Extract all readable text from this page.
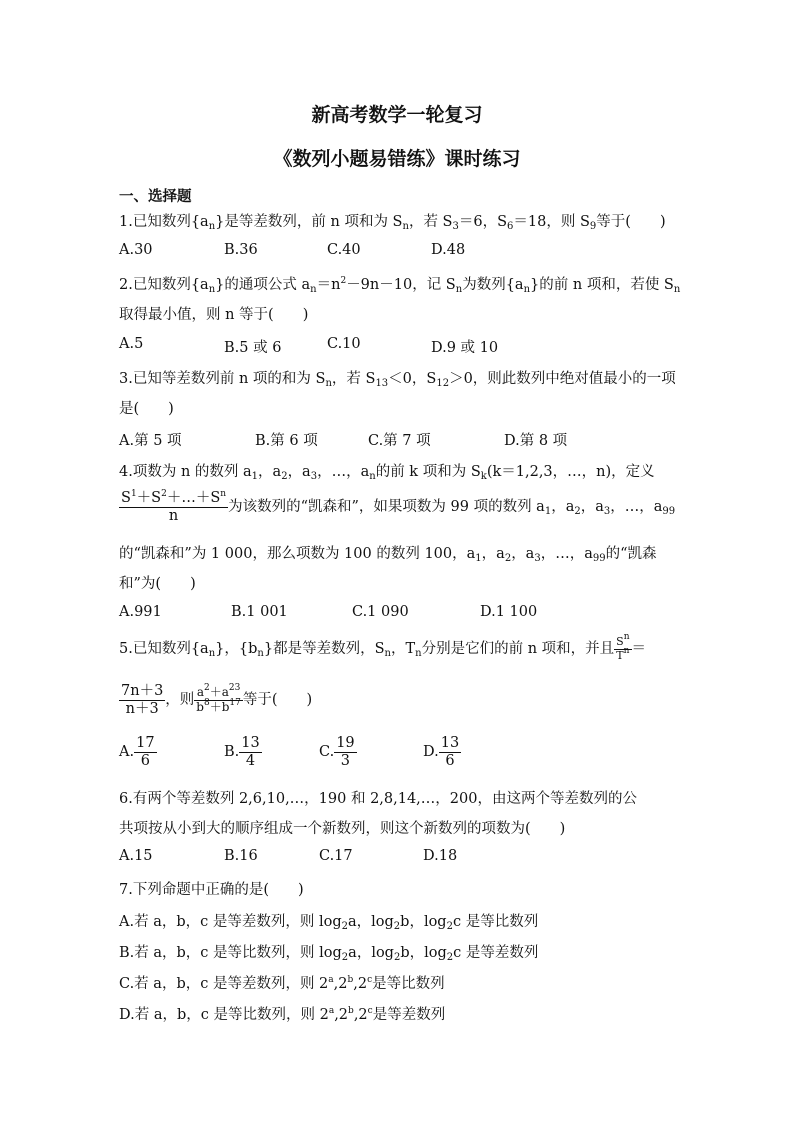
新高考数学一轮复习
《数列小题易错练》课时练习
一、选择题
1.已知数列$\{a_n\}$是等差数列，前 n 项和为 $S_n$，若 $S_3=6$，$S_6=18$，则 $S_9$等于(　　)
A.30	B.36	C.40	D.48
2.已知数列$\{a_n\}$的通项公式 $a_n=n^2-9n-10$，记 $S_n$为数列$\{a_n\}$的前 n 项和，若使 $S_n$
取得最小值，则 n 等于(　　)
A.5	B.5 或 6	C.10	D.9 或 10
3.已知等差数列前 n 项的和为 $S_n$，若 $S_{13}<0$，$S_{12}>0$，则此数列中绝对值最小的一项
是(　　)
A.第 5 项	B.第 6 项	C.第 7 项	D.第 8 项
4.项数为 n 的数列 $a_1$，$a_2$，$a_3$，…，$a_n$的前 k 项和为 $S_k(k=1,2,3$，…，n)，定义
$\frac{S^1+S^2+\dots+S^n}{n}$ 为该数列的“凯森和”，如果项数为 99 项的数列 $a_1$，$a_2$，$a_3$，…，$a_{99}$
的“凯森和”为 1 000，那么项数为 100 的数列 100，$a_1$，$a_2$，$a_3$，…，$a_{99}$的“凯森
和”为(　　)
A.991	B.1 001	C.1 090	D.1 100
5.已知数列$\{a_n\}$，$\{b_n\}$都是等差数列，$S_n$，$T_n$分别是它们的前 n 项和，并且 $\frac{S^n}{T^n}$ ＝
$\frac{7n+3}{n+3}$ ，则 $\frac{a^2+a^{23}}{b^8+b^{17}}$ 等于(　　)
A. $\frac{17}{6}$	B. $\frac{13}{4}$	C. $\frac{19}{3}$	D. $\frac{13}{6}$
6.有两个等差数列 2,6,10,…，190 和 2,8,14,…，200，由这两个等差数列的公
共项按从小到大的顺序组成一个新数列，则这个新数列的项数为(　　)
A.15	B.16	C.17	D.18
7.下列命题中正确的是(　　)
A.若 a，b，c 是等差数列，则 $\log_2a$，$\log_2b$，$\log_2c$ 是等比数列
B.若 a，b，c 是等比数列，则 $\log_2a$，$\log_2b$，$\log_2c$ 是等差数列
C.若 a，b，c 是等差数列，则 2$^a$,2$^b$,2$^c$是等比数列
D.若 a，b，c 是等比数列，则 2$^a$,2$^b$,2$^c$是等差数列
